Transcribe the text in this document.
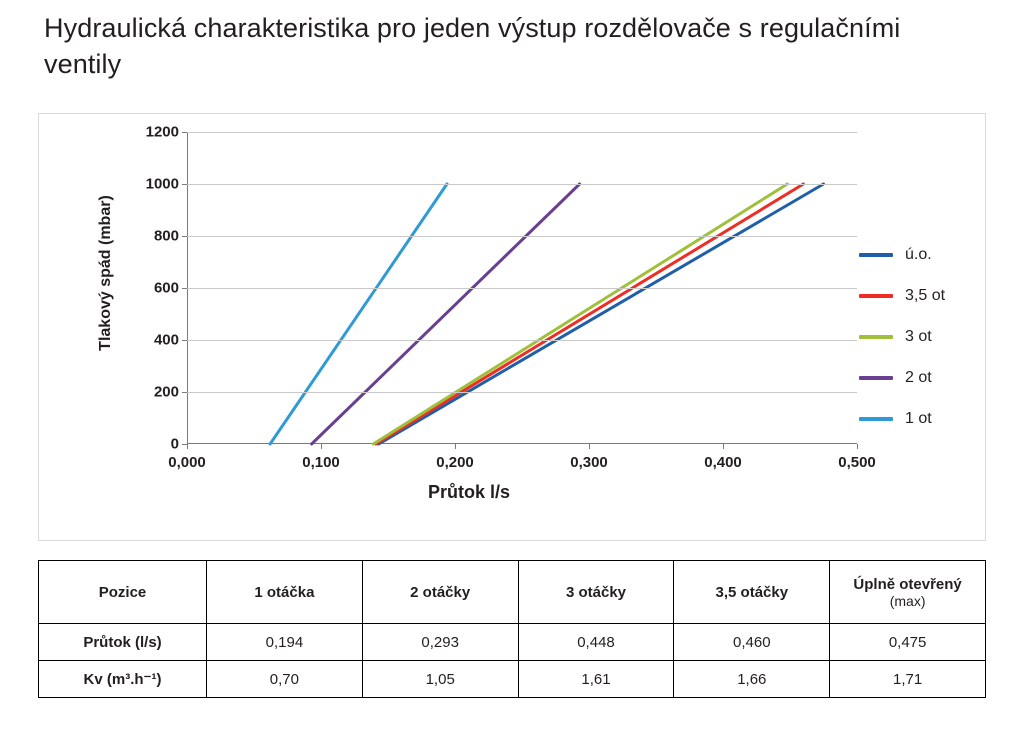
Hydraulická charakteristika pro jeden výstup rozdělovače s regulačními ventily
Tlakový spád (mbar)
Průtok l/s
0
200
400
600
800
1000
1200
0,000	0,100	0,200	0,300	0,400	0,500
ú.o.
3,5 ot
3 ot
2 ot
1 ot
Pozice	1 otáčka	2 otáčky	3 otáčky	3,5 otáčky	Úplně otevřený
(max)

Průtok (l/s)	0,194	0,293	0,448	0,460	0,475
Kv (m³.h⁻¹)	0,70	1,05	1,61	1,66	1,71
